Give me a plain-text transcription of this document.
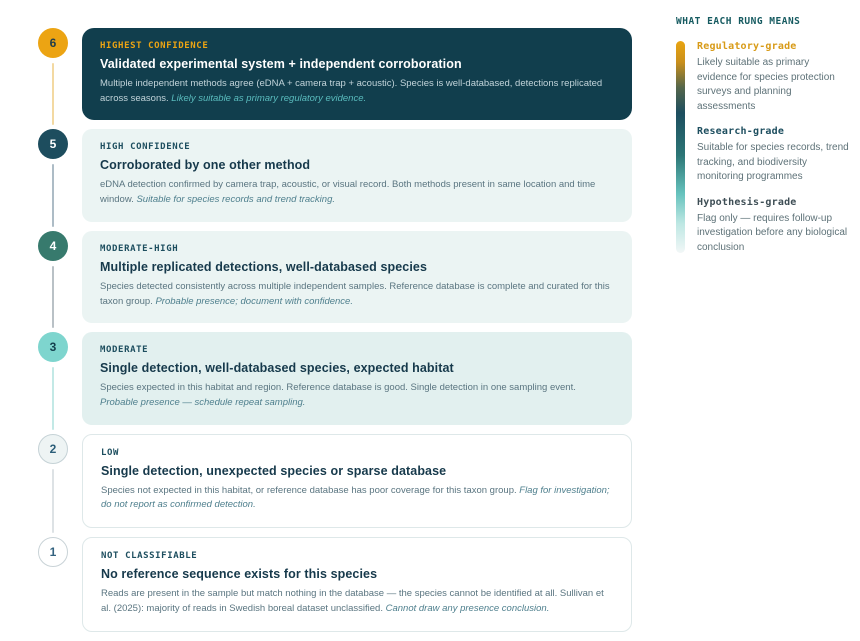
6	HIGHEST CONFIDENCE
Validated experimental system + independent corroboration
Multiple independent methods agree (eDNA + camera trap + acoustic). Species is well-databased, detections replicated across seasons. Likely suitable as primary regulatory evidence.
5	HIGH CONFIDENCE
Corroborated by one other method
eDNA detection confirmed by camera trap, acoustic, or visual record. Both methods present in same location and time window. Suitable for species records and trend tracking.
4	MODERATE-HIGH
Multiple replicated detections, well-databased species
Species detected consistently across multiple independent samples. Reference database is complete and curated for this taxon group. Probable presence; document with confidence.
3	MODERATE
Single detection, well-databased species, expected habitat
Species expected in this habitat and region. Reference database is good. Single detection in one sampling event. Probable presence — schedule repeat sampling.
2	LOW
Single detection, unexpected species or sparse database
Species not expected in this habitat, or reference database has poor coverage for this taxon group. Flag for investigation; do not report as confirmed detection.
1	NOT CLASSIFIABLE
No reference sequence exists for this species
Reads are present in the sample but match nothing in the database — the species cannot be identified at all. Sullivan et al. (2025): majority of reads in Swedish boreal dataset unclassified. Cannot draw any presence conclusion.
WHAT EACH RUNG MEANS
Regulatory-grade
Likely suitable as primary evidence for species protection surveys and planning assessments
Research-grade
Suitable for species records, trend tracking, and biodiversity monitoring programmes
Hypothesis-grade
Flag only — requires follow-up investigation before any biological conclusion
